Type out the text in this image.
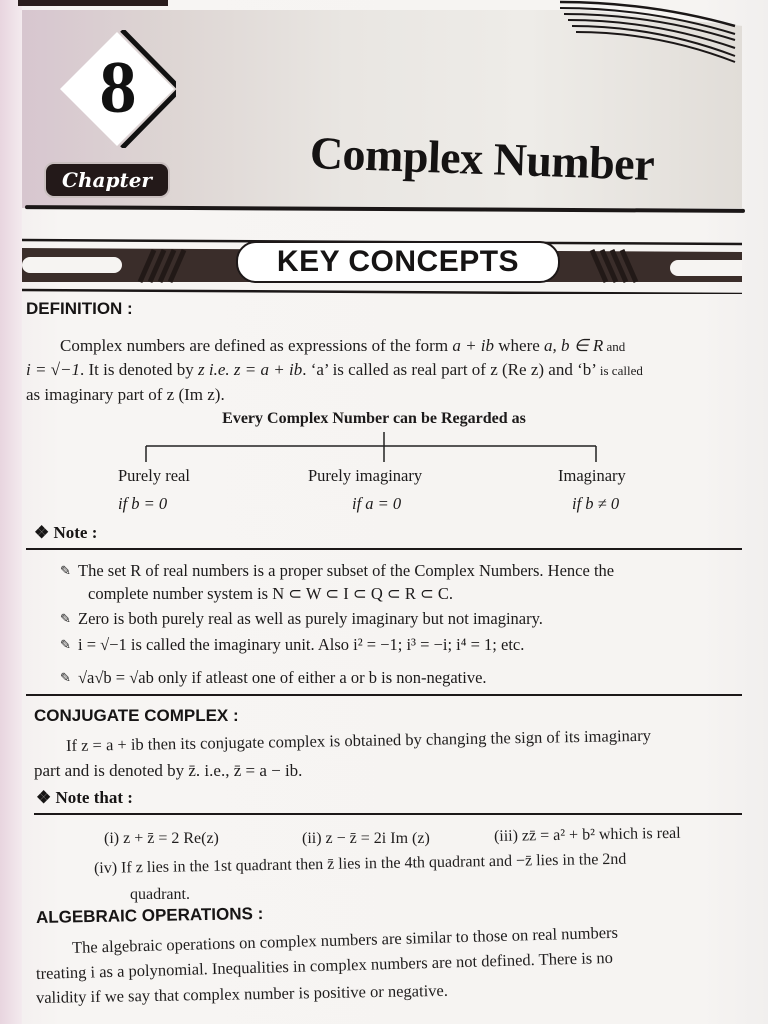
8
Chapter	Complex Number
KEY CONCEPTS
DEFINITION :
Complex numbers are defined as expressions of the form a + ib where a, b ∈ R and
i = √−1. It is denoted by z i.e. z = a + ib. ‘a’ is called as real part of z (Re z) and ‘b’ is called
as imaginary part of z (Im z).
Every Complex Number can be Regarded as
Purely real
if b = 0
Purely imaginary
if a = 0
Imaginary
if b ≠ 0
❖ Note :
✎ The set R of real numbers is a proper subset of the Complex Numbers. Hence the
complete number system is N ⊂ W ⊂ I ⊂ Q ⊂ R ⊂ C.
✎ Zero is both purely real as well as purely imaginary but not imaginary.
✎ i = √−1 is called the imaginary unit. Also i² = −1; i³ = −i; i⁴ = 1; etc.
✎ √a√b = √ab only if atleast one of either a or b is non-negative.
CONJUGATE COMPLEX :
If z = a + ib then its conjugate complex is obtained by changing the sign of its imaginary
part and is denoted by z̄. i.e., z̄ = a − ib.
❖ Note that :
(i) z + z̄ = 2 Re(z)	(ii) z − z̄ = 2i Im (z)	(iii) zz̄ = a² + b² which is real
(iv) If z lies in the 1st quadrant then z̄ lies in the 4th quadrant and −z̄ lies in the 2nd
quadrant.
ALGEBRAIC OPERATIONS :
The algebraic operations on complex numbers are similar to those on real numbers
treating i as a polynomial. Inequalities in complex numbers are not defined. There is no
validity if we say that complex number is positive or negative.
